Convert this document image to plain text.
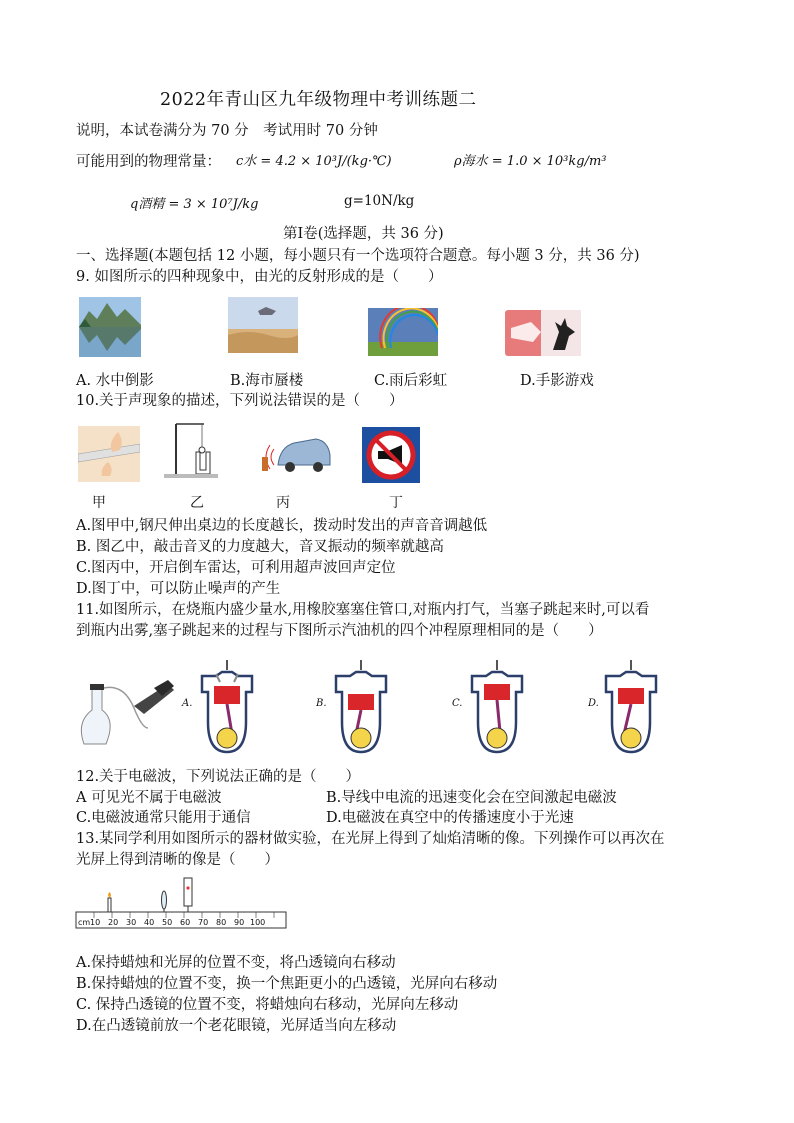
2022年青山区九年级物理中考训练题二
说明，本试卷满分为 70 分　考试用时 70 分钟
可能用到的物理常量： c水 = 4.2 × 10³J/(kg·℃)	ρ海水 = 1.0 × 10³kg/m³
q酒精 = 3 × 10⁷J/kg	g=10N/kg
第Ⅰ卷(选择题，共 36 分)
一、选择题(本题包括 12 小题，每小题只有一个选项符合题意。每小题 3 分，共 36 分)
9. 如图所示的四种现象中，由光的反射形成的是（　　）
A. 水中倒影	B.海市蜃楼	C.雨后彩虹	D.手影游戏
10.关于声现象的描述，下列说法错误的是（　　）
甲	乙	丙	丁
A.图甲中,钢尺伸出桌边的长度越长，拨动时发出的声音音调越低
B. 图乙中，敲击音叉的力度越大，音叉振动的频率就越高
C.图丙中，开启倒车雷达，可利用超声波回声定位
D.图丁中，可以防止噪声的产生
11.如图所示，在烧瓶内盛少量水,用橡胶塞塞住管口,对瓶内打气，当塞子跳起来时,可以看
到瓶内出雾,塞子跳起来的过程与下图所示汽油机的四个冲程原理相同的是（　　）
A.	B.	C.	D.
12.关于电磁波，下列说法正确的是（　　）
A 可见光不属于电磁波	B.导线中电流的迅速变化会在空间激起电磁波
C.电磁波通常只能用于通信	D.电磁波在真空中的传播速度小于光速
13.某同学利用如图所示的器材做实验，在光屏上得到了灿焰清晰的像。下列操作可以再次在
光屏上得到清晰的像是（　　）
cm 10 20 30 40 50 60 70 80 90 100
A.保持蜡烛和光屏的位置不变，将凸透镜向右移动
B.保持蜡烛的位置不变，换一个焦距更小的凸透镜，光屏向右移动
C. 保持凸透镜的位置不变，将蜡烛向右移动，光屏向左移动
D.在凸透镜前放一个老花眼镜，光屏适当向左移动
